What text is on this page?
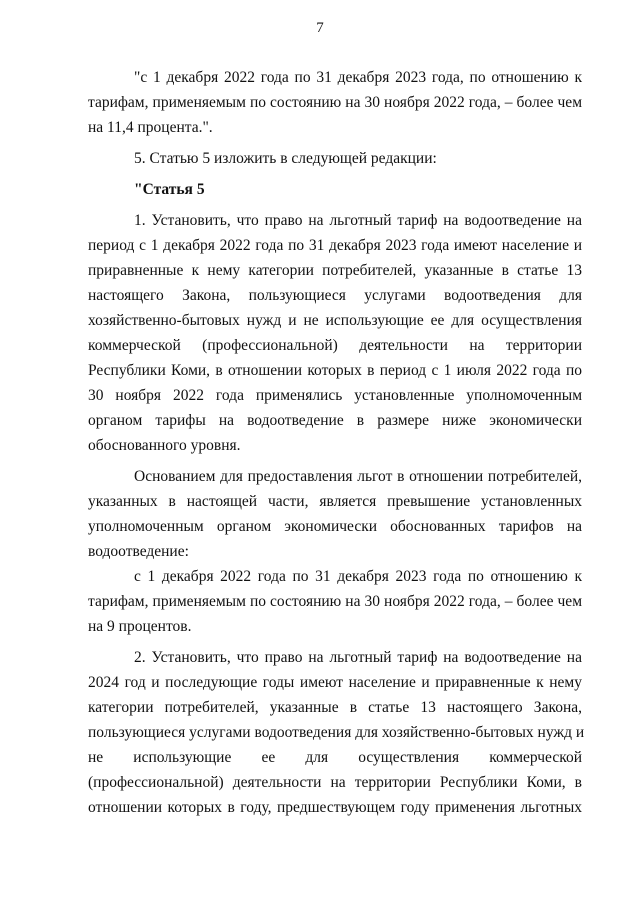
7
"с 1 декабря 2022 года по 31 декабря 2023 года, по отношению к
тарифам, применяемым по состоянию на 30 ноября 2022 года, – более чем
на 11,4 процента.".
5. Статью 5 изложить в следующей редакции:
"Статья 5
1. Установить, что право на льготный тариф на водоотведение на
период с 1 декабря 2022 года по 31 декабря 2023 года имеют население и
приравненные к нему категории потребителей, указанные в статье 13
настоящего Закона, пользующиеся услугами водоотведения для
хозяйственно-бытовых нужд и не использующие ее для осуществления
коммерческой (профессиональной) деятельности на территории
Республики Коми, в отношении которых в период с 1 июля 2022 года по
30 ноября 2022 года применялись установленные уполномоченным
органом тарифы на водоотведение в размере ниже экономически
обоснованного уровня.
Основанием для предоставления льгот в отношении потребителей,
указанных в настоящей части, является превышение установленных
уполномоченным органом экономически обоснованных тарифов на
водоотведение:
с 1 декабря 2022 года по 31 декабря 2023 года по отношению к
тарифам, применяемым по состоянию на 30 ноября 2022 года, – более чем
на 9 процентов.
2. Установить, что право на льготный тариф на водоотведение на
2024 год и последующие годы имеют население и приравненные к нему
категории потребителей, указанные в статье 13 настоящего Закона,
пользующиеся услугами водоотведения для хозяйственно-бытовых нужд и
не использующие ее для осуществления коммерческой
(профессиональной) деятельности на территории Республики Коми, в
отношении которых в году, предшествующем году применения льготных
